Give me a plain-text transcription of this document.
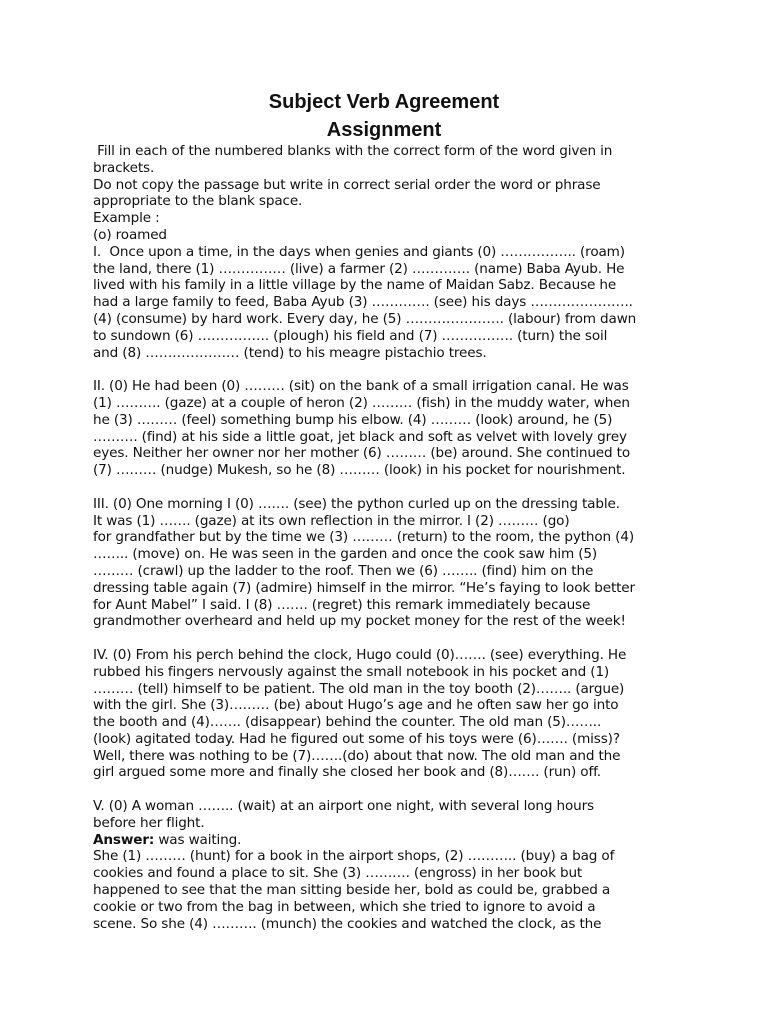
Subject Verb Agreement
Assignment
Fill in each of the numbered blanks with the correct form of the word given in
brackets.
Do not copy the passage but write in correct serial order the word or phrase
appropriate to the blank space.
Example :
(o) roamed
I.  Once upon a time, in the days when genies and giants (0) …………….. (roam)
the land, there (1) …………… (live) a farmer (2) …………. (name) Baba Ayub. He
lived with his family in a little village by the name of Maidan Sabz. Because he
had a large family to feed, Baba Ayub (3) …………. (see) his days …………………..
(4) (consume) by hard work. Every day, he (5) …………………. (labour) from dawn
to sundown (6) ……………. (plough) his field and (7) ……………. (turn) the soil
and (8) ………………… (tend) to his meagre pistachio trees.
II. (0) He had been (0) ……… (sit) on the bank of a small irrigation canal. He was
(1) ………. (gaze) at a couple of heron (2) ……… (fish) in the muddy water, when
he (3) ……… (feel) something bump his elbow. (4) ……… (look) around, he (5)
………. (find) at his side a little goat, jet black and soft as velvet with lovely grey
eyes. Neither her owner nor her mother (6) ……… (be) around. She continued to
(7) ……… (nudge) Mukesh, so he (8) ……… (look) in his pocket for nourishment.
III. (0) One morning I (0) ……. (see) the python curled up on the dressing table.
It was (1) ……. (gaze) at its own reflection in the mirror. I (2) ……… (go)
for grandfather but by the time we (3) ……… (return) to the room, the python (4)
…….. (move) on. He was seen in the garden and once the cook saw him (5)
……… (crawl) up the ladder to the roof. Then we (6) …….. (find) him on the
dressing table again (7) (admire) himself in the mirror. “He’s faying to look better
for Aunt Mabel” I said. I (8) ……. (regret) this remark immediately because
grandmother overheard and held up my pocket money for the rest of the week!
IV. (0) From his perch behind the clock, Hugo could (0)……. (see) everything. He
rubbed his fingers nervously against the small notebook in his pocket and (1)
……… (tell) himself to be patient. The old man in the toy booth (2)…….. (argue)
with the girl. She (3)……… (be) about Hugo’s age and he often saw her go into
the booth and (4)……. (disappear) behind the counter. The old man (5)……..
(look) agitated today. Had he figured out some of his toys were (6)……. (miss)?
Well, there was nothing to be (7)…….(do) about that now. The old man and the
girl argued some more and finally she closed her book and (8)……. (run) off.
V. (0) A woman …….. (wait) at an airport one night, with several long hours
before her flight.
Answer: was waiting.
She (1) ……… (hunt) for a book in the airport shops, (2) ……….. (buy) a bag of
cookies and found a place to sit. She (3) ………. (engross) in her book but
happened to see that the man sitting beside her, bold as could be, grabbed a
cookie or two from the bag in between, which she tried to ignore to avoid a
scene. So she (4) ………. (munch) the cookies and watched the clock, as the
